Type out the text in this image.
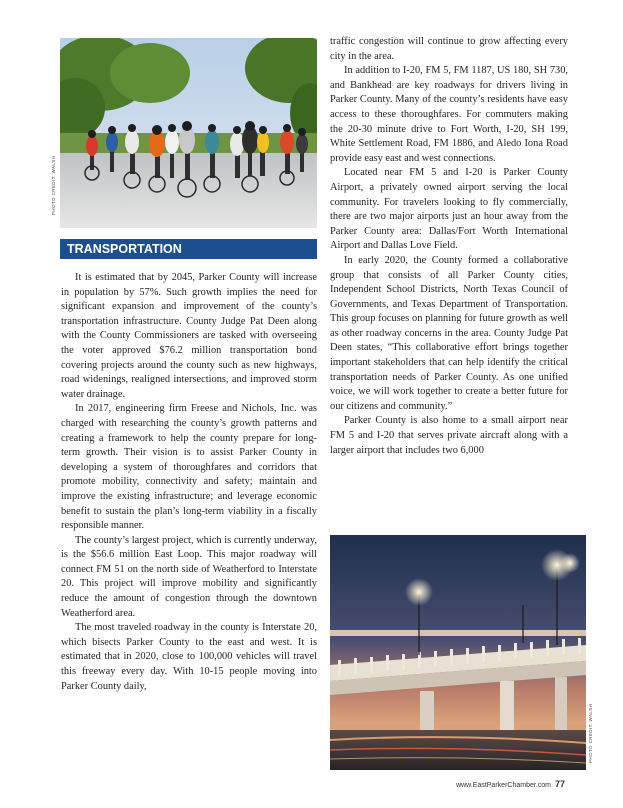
PHOTO CREDIT: WALSH
TRANSPORTATION

It is estimated that by 2045, Parker County will increase in population by 57%. Such growth implies the need for significant expansion and improvement of the county’s transportation infrastructure. County Judge Pat Deen along with the County Commissioners are tasked with overseeing the voter approved $76.2 million transportation bond covering projects around the county such as new highways, road widenings, realigned intersections, and improved storm water drainage.

In 2017, engineering firm Freese and Nichols, Inc. was charged with researching the county’s growth patterns and creating a framework to help the county prepare for long-term growth. Their vision is to assist Parker County in developing a system of thoroughfares and corridors that promote mobility, connectivity and safety; maintain and improve the existing infrastructure; and leverage economic benefit to sustain the plan’s long-term viability in a fiscally responsible manner.

The county’s largest project, which is currently underway, is the $56.6 million East Loop. This major roadway will connect FM 51 on the north side of Weatherford to Interstate 20. This project will improve mobility and significantly reduce the amount of congestion through the downtown Weatherford area.

The most traveled roadway in the county is Interstate 20, which bisects Parker County to the east and west. It is estimated that in 2020, close to 100,000 vehicles will travel this freeway every day. With 10-15 people moving into Parker County daily,

traffic congestion will continue to grow affecting every city in the area.

In addition to I-20, FM 5, FM 1187, US 180, SH 730, and Bankhead are key roadways for drivers living in Parker County. Many of the county’s residents have easy access to these thoroughfares. For commuters making the 20-30 minute drive to Fort Worth, I-20, SH 199, White Settlement Road, FM 1886, and Aledo Iona Road provide easy east and west connections.

Located near FM 5 and I-20 is Parker County Airport, a privately owned airport serving the local community. For travelers looking to fly commercially, there are two major airports just an hour away from the Parker County area: Dallas/Fort Worth International Airport and Dallas Love Field.

In early 2020, the County formed a collaborative group that consists of all Parker County cities, Independent School Districts, North Texas Council of Governments, and Texas Department of Transportation. This group focuses on planning for future growth as well as other roadway concerns in the area. County Judge Pat Deen states, “This collaborative effort brings together important stakeholders that can help identify the critical transportation needs of Parker County. As one unified voice, we will work together to create a better future for our citizens and community.”

Parker County is also home to a small airport near FM 5 and I-20 that serves private aircraft along with a larger airport that includes two 6,000

PHOTO CREDIT: WALSH
www.EastParkerChamber.com 77
